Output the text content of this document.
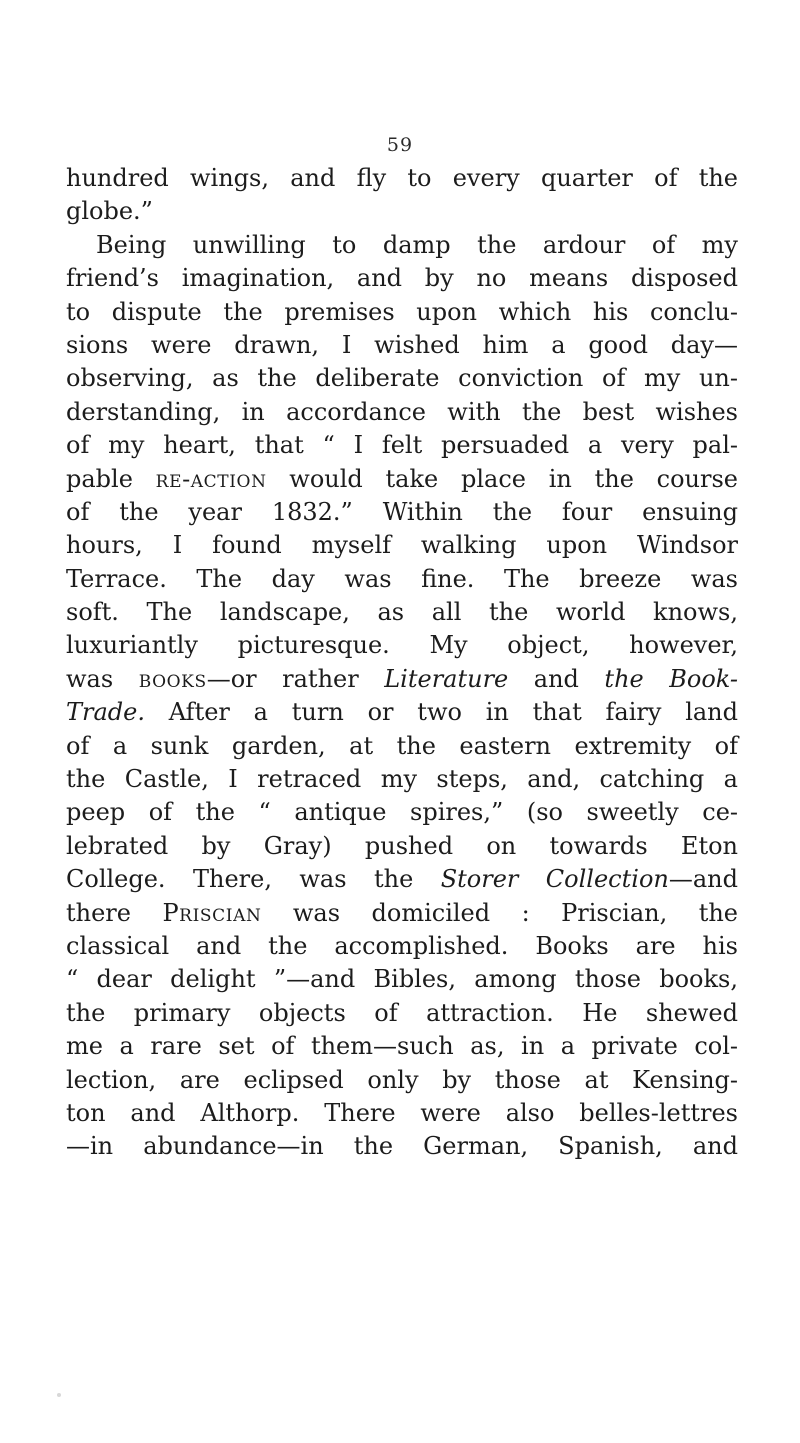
59
hundred wings, and fly to every quarter of the
globe.”
Being unwilling to damp the ardour of my
friend’s imagination, and by no means disposed
to dispute the premises upon which his conclu-
sions were drawn, I wished him a good day—
observing, as the deliberate conviction of my un-
derstanding, in accordance with the best wishes
of my heart, that “ I felt persuaded a very pal-
pable re-action would take place in the course
of the year 1832.” Within the four ensuing
hours, I found myself walking upon Windsor
Terrace. The day was fine. The breeze was
soft. The landscape, as all the world knows,
luxuriantly picturesque. My object, however,
was books—or rather Literature and the Book-
Trade. After a turn or two in that fairy land
of a sunk garden, at the eastern extremity of
the Castle, I retraced my steps, and, catching a
peep of the “ antique spires,” (so sweetly ce-
lebrated by Gray) pushed on towards Eton
College. There, was the Storer Collection—and
there Priscian was domiciled : Priscian, the
classical and the accomplished. Books are his
“ dear delight ”—and Bibles, among those books,
the primary objects of attraction. He shewed
me a rare set of them—such as, in a private col-
lection, are eclipsed only by those at Kensing-
ton and Althorp. There were also belles-lettres
—in abundance—in the German, Spanish, and
